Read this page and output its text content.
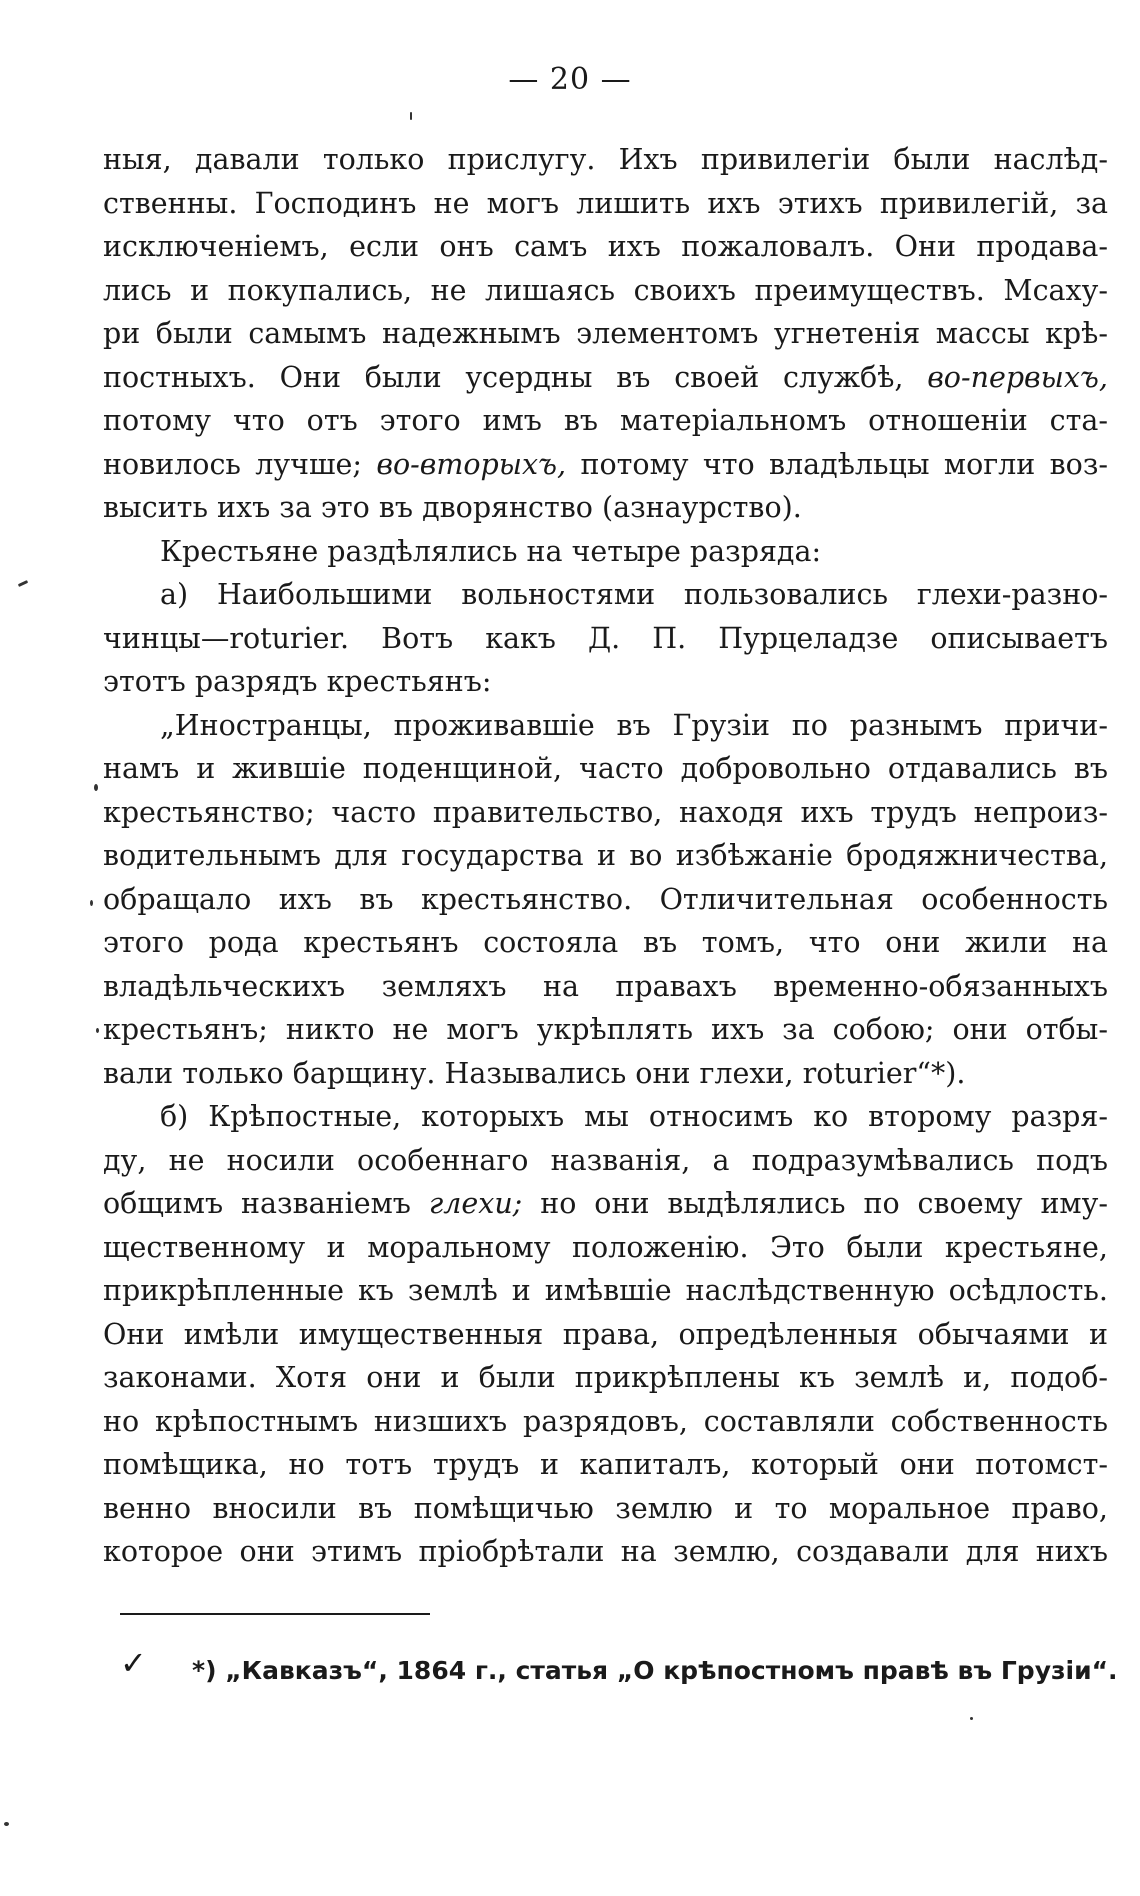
— 20 —
ныя, давали только прислугу. Ихъ привилегіи были наслѣд-
ственны. Господинъ не могъ лишить ихъ этихъ привилегій, за
исключеніемъ, если онъ самъ ихъ пожаловалъ. Они продава-
лись и покупались, не лишаясь своихъ преимуществъ. Мсаху-
ри были самымъ надежнымъ элементомъ угнетенія массы крѣ-
постныхъ. Они были усердны въ своей службѣ, во-первыхъ,
потому что отъ этого имъ въ матеріальномъ отношеніи ста-
новилось лучше; во-вторыхъ, потому что владѣльцы могли воз-
высить ихъ за это въ дворянство (азнаурство).
Крестьяне раздѣлялись на четыре разряда:
а) Наибольшими вольностями пользовались глехи-разно-
чинцы—roturier. Вотъ какъ Д. П. Пурцеладзе описываетъ
этотъ разрядъ крестьянъ:
„Иностранцы, проживавшіе въ Грузіи по разнымъ причи-
намъ и жившіе поденщиной, часто добровольно отдавались въ
крестьянство; часто правительство, находя ихъ трудъ непроиз-
водительнымъ для государства и во избѣжаніе бродяжничества,
обращало ихъ въ крестьянство. Отличительная особенность
этого рода крестьянъ состояла въ томъ, что они жили на
владѣльческихъ земляхъ на правахъ временно-обязанныхъ
крестьянъ; никто не могъ укрѣплять ихъ за собою; они отбы-
вали только барщину. Назывались они глехи, roturier“*).
б) Крѣпостные, которыхъ мы относимъ ко второму разря-
ду, не носили особеннаго названія, а подразумѣвались подъ
общимъ названіемъ глехи; но они выдѣлялись по своему иму-
щественному и моральному положенію. Это были крестьяне,
прикрѣпленные къ землѣ и имѣвшіе наслѣдственную осѣдлость.
Они имѣли имущественныя права, опредѣленныя обычаями и
законами. Хотя они и были прикрѣплены къ землѣ и, подоб-
но крѣпостнымъ низшихъ разрядовъ, составляли собственность
помѣщика, но тотъ трудъ и капиталъ, который они потомст-
венно вносили въ помѣщичью землю и то моральное право,
которое они этимъ пріобрѣтали на землю, создавали для нихъ
✓ *) „Кавказъ“, 1864 г., статья „О крѣпостномъ правѣ въ Грузіи“.
